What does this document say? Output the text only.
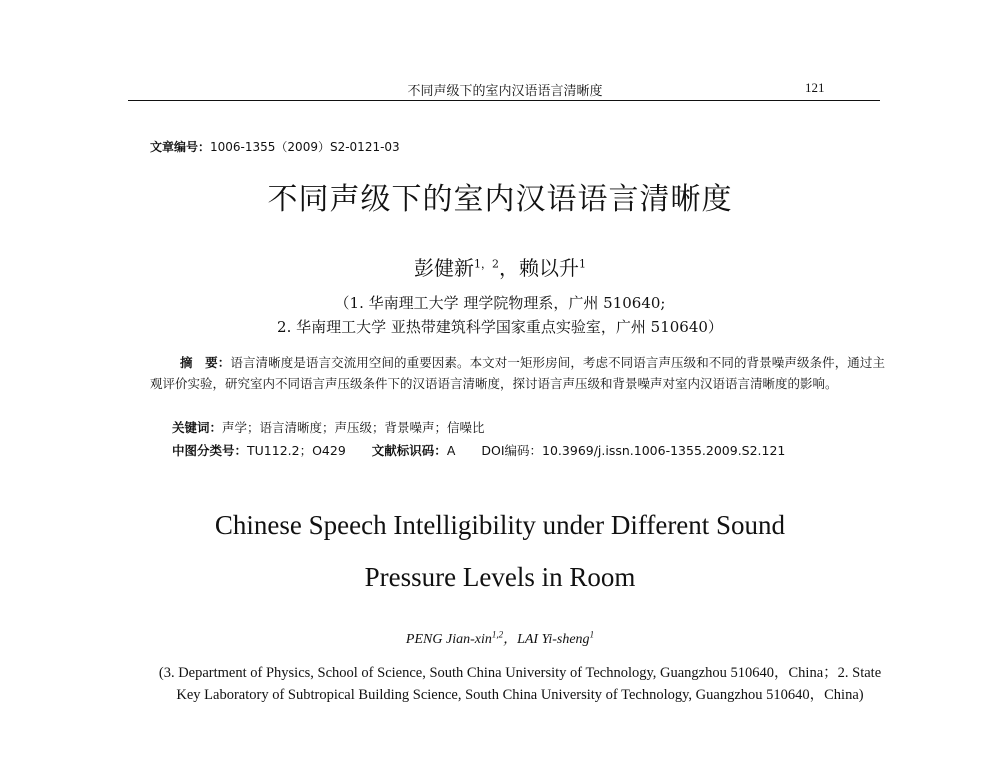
不同声级下的室内汉语语言清晰度	121
文章编号：1006-1355（2009）S2-0121-03
不同声级下的室内汉语语言清晰度
彭健新$^{1,2}$，赖以升$^1$
（1. 华南理工大学 理学院物理系，广州 510640;
2. 华南理工大学 亚热带建筑科学国家重点实验室，广州 510640）
摘　要：语言清晰度是语言交流用空间的重要因素。本文对一矩形房间，考虑不同语言声压级和不同的背景噪声级条件，通过主观评价实验，研究室内不同语言声压级条件下的汉语语言清晰度，探讨语言声压级和背景噪声对室内汉语语言清晰度的影响。
关键词：声学；语言清晰度；声压级；背景噪声；信噪比
中图分类号：TU112.2；O429 文献标识码：A DOI编码：10.3969/j.issn.1006-1355.2009.S2.121
Chinese Speech Intelligibility under Different Sound
Pressure Levels in Room
PENG Jian-xin$^{1,2}$，LAI Yi-sheng$^1$
(3. Department of Physics, School of Science, South China University of Technology, Guangzhou 510640，China；2. State Key Laboratory of Subtropical Building Science, South China University of Technology, Guangzhou 510640，China)
